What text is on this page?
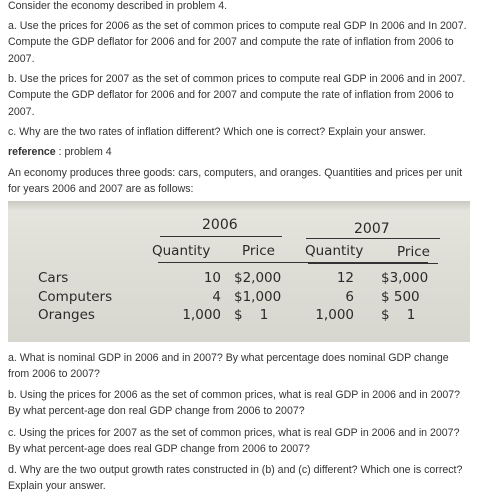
Consider the economy described in problem 4.

a. Use the prices for 2006 as the set of common prices to compute real GDP In 2006 and In 2007. Compute the GDP deflator for 2006 and for 2007 and compute the rate of inflation from 2006 to 2007.

b. Use the prices for 2007 as the set of common prices to compute real GDP in 2006 and in 2007. Compute the GDP deflator for 2006 and for 2007 and compute the rate of inflation from 2006 to 2007.

c. Why are the two rates of inflation different? Which one is correct? Explain your answer.

reference : problem 4

An economy produces three goods: cars, computers, and oranges. Quantities and prices per unit for years 2006 and 2007 are as follows:

2006	2007
Quantity Price Quantity Price
Cars
Computers
Oranges
10
4
1,000
$2,000
$1,000
$    1
12
6
1,000
$3,000
$ 500
$    1

a. What is nominal GDP in 2006 and in 2007? By what percentage does nominal GDP change from 2006 to 2007?

b. Using the prices for 2006 as the set of common prices, what is real GDP in 2006 and in 2007? By what percent-age don real GDP change from 2006 to 2007?

c. Using the prices for 2007 as the set of common prices, what is real GDP in 2006 and in 2007? By what percent-age does real GDP change from 2006 to 2007?

d. Why are the two output growth rates constructed in (b) and (c) different? Which one is correct? Explain your answer.
